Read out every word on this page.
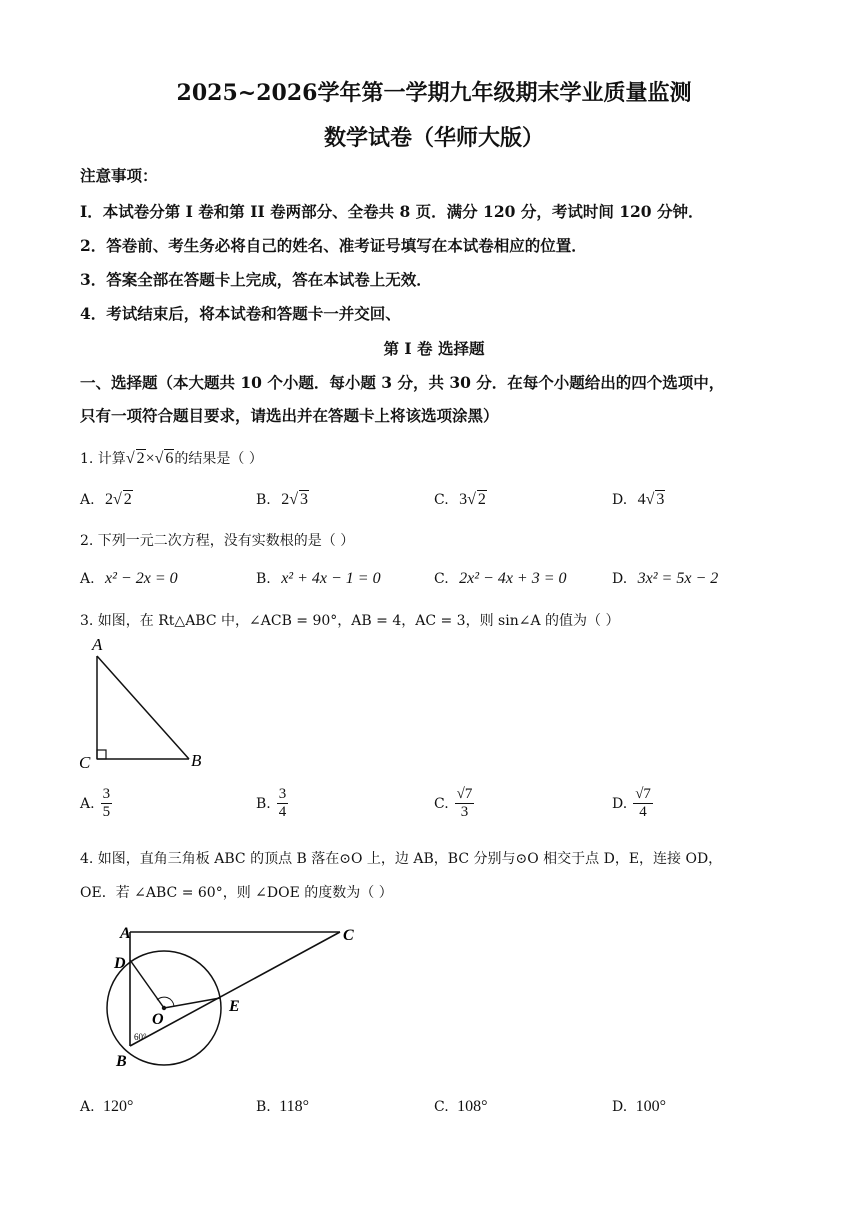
2025~2026学年第一学期九年级期末学业质量监测
数学试卷（华师大版）
注意事项：
I．本试卷分第 I 卷和第 II 卷两部分、全卷共 8 页．满分 120 分，考试时间 120 分钟．
2．答卷前、考生务必将自己的姓名、准考证号填写在本试卷相应的位置．
3．答案全部在答题卡上完成，答在本试卷上无效．
4．考试结束后，将本试卷和答题卡一并交回、
第 I 卷 选择题
一、选择题（本大题共 10 个小题．每小题 3 分，共 30 分．在每个小题给出的四个选项中，
只有一项符合题目要求，请选出并在答题卡上将该选项涂黑）
1. 计算√ 2×√ 6的结果是（ ）
A. 2√ 2	B. 2√ 3	C. 3√ 2	D. 4√ 3
2. 下列一元二次方程，没有实数根的是（ ）
A. x² − 2x = 0	B. x² + 4x − 1 = 0	C. 2x² − 4x + 3 = 0	D. 3x² = 5x − 2
3. 如图，在 Rt△ABC 中，∠ACB = 90°，AB = 4，AC = 3，则 sin∠A 的值为（ ）
A
C	B
A. $\frac{3}{5}$	B. $\frac{3}{4}$	C. $\frac{√7}{3}$	D. $\frac{√7}{4}$
4. 如图，直角三角板 ABC 的顶点 B 落在⊙O 上，边 AB，BC 分别与⊙O 相交于点 D，E，连接 OD，
OE．若 ∠ABC = 60°，则 ∠DOE 的度数为（ ）
A	C
D
E
O
60°
B
A. 120°	B. 118°	C. 108°	D. 100°
